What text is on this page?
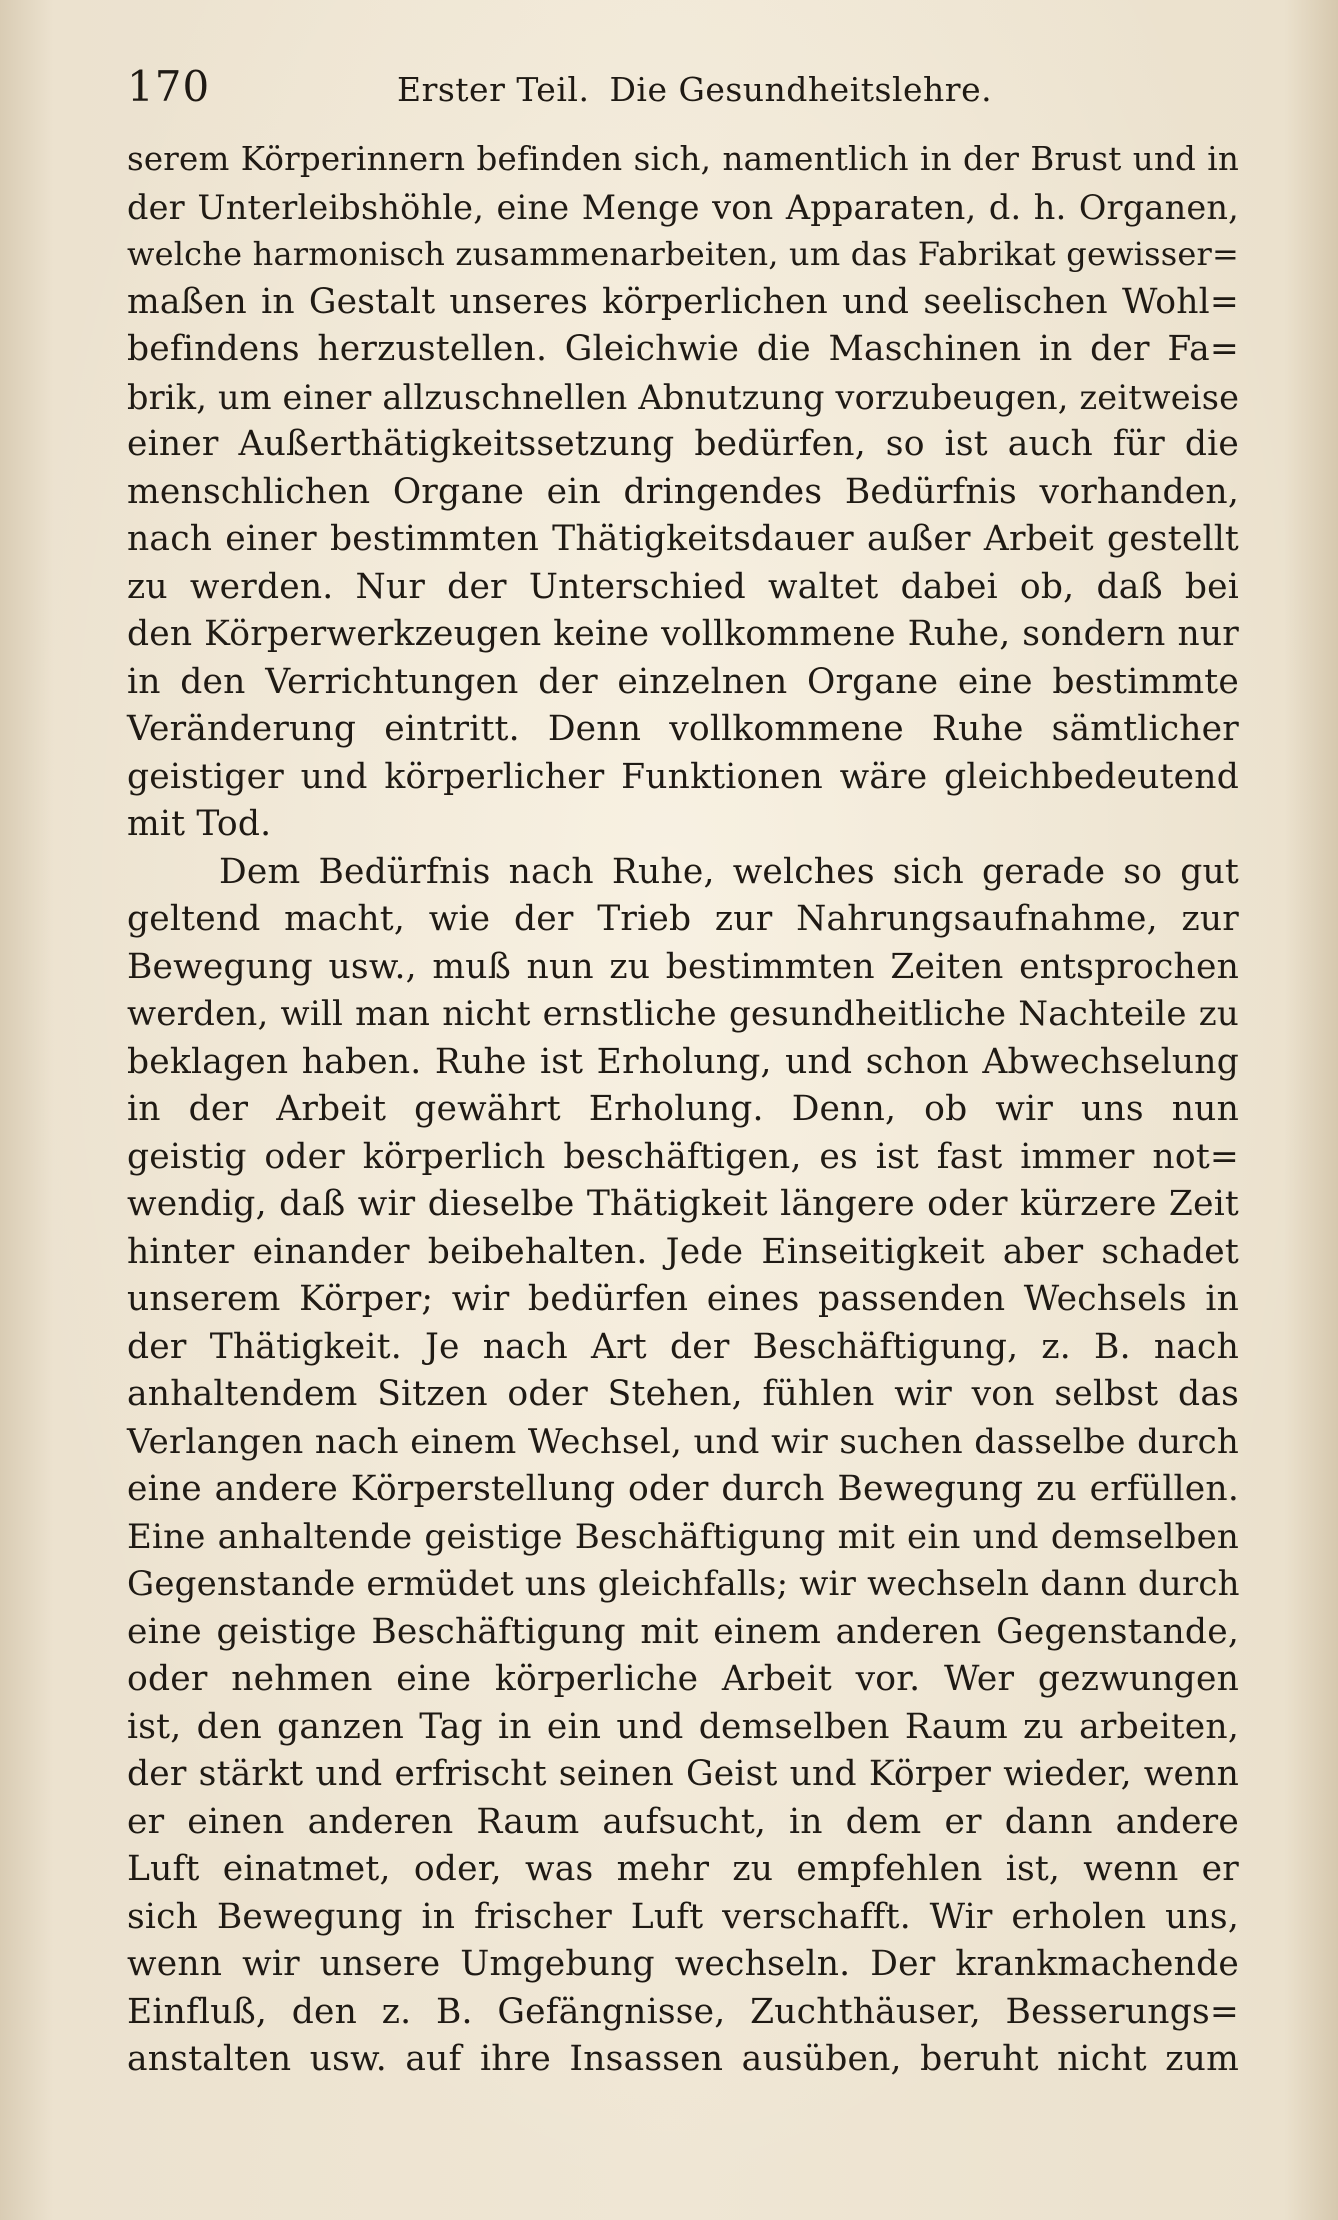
170	Erster Teil. Die Gesundheitslehre.
serem Körperinnern befinden sich, namentlich in der Brust und in
der Unterleibshöhle, eine Menge von Apparaten, d. h. Organen,
welche harmonisch zusammenarbeiten, um das Fabrikat gewisser=
maßen in Gestalt unseres körperlichen und seelischen Wohl=
befindens herzustellen. Gleichwie die Maschinen in der Fa=
brik, um einer allzuschnellen Abnutzung vorzubeugen, zeitweise
einer Außerthätigkeitssetzung bedürfen, so ist auch für die
menschlichen Organe ein dringendes Bedürfnis vorhanden,
nach einer bestimmten Thätigkeitsdauer außer Arbeit gestellt
zu werden. Nur der Unterschied waltet dabei ob, daß bei
den Körperwerkzeugen keine vollkommene Ruhe, sondern nur
in den Verrichtungen der einzelnen Organe eine bestimmte
Veränderung eintritt. Denn vollkommene Ruhe sämtlicher
geistiger und körperlicher Funktionen wäre gleichbedeutend
mit Tod.
Dem Bedürfnis nach Ruhe, welches sich gerade so gut
geltend macht, wie der Trieb zur Nahrungsaufnahme, zur
Bewegung usw., muß nun zu bestimmten Zeiten entsprochen
werden, will man nicht ernstliche gesundheitliche Nachteile zu
beklagen haben. Ruhe ist Erholung, und schon Abwechselung
in der Arbeit gewährt Erholung. Denn, ob wir uns nun
geistig oder körperlich beschäftigen, es ist fast immer not=
wendig, daß wir dieselbe Thätigkeit längere oder kürzere Zeit
hinter einander beibehalten. Jede Einseitigkeit aber schadet
unserem Körper; wir bedürfen eines passenden Wechsels in
der Thätigkeit. Je nach Art der Beschäftigung, z. B. nach
anhaltendem Sitzen oder Stehen, fühlen wir von selbst das
Verlangen nach einem Wechsel, und wir suchen dasselbe durch
eine andere Körperstellung oder durch Bewegung zu erfüllen.
Eine anhaltende geistige Beschäftigung mit ein und demselben
Gegenstande ermüdet uns gleichfalls; wir wechseln dann durch
eine geistige Beschäftigung mit einem anderen Gegenstande,
oder nehmen eine körperliche Arbeit vor. Wer gezwungen
ist, den ganzen Tag in ein und demselben Raum zu arbeiten,
der stärkt und erfrischt seinen Geist und Körper wieder, wenn
er einen anderen Raum aufsucht, in dem er dann andere
Luft einatmet, oder, was mehr zu empfehlen ist, wenn er
sich Bewegung in frischer Luft verschafft. Wir erholen uns,
wenn wir unsere Umgebung wechseln. Der krankmachende
Einfluß, den z. B. Gefängnisse, Zuchthäuser, Besserungs=
anstalten usw. auf ihre Insassen ausüben, beruht nicht zum
